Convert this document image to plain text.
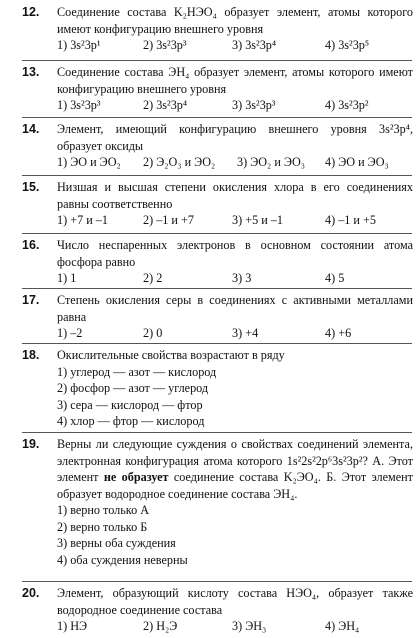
12. Соединение состава K₂HЭO₄ образует элемент, атомы которого имеют конфигурацию внешнего уровня
1) 3s²3p¹	2) 3s²3p³	3) 3s²3p⁴	4) 3s²3p⁵
13. Соединение состава ЭH₄ образует элемент, атомы которого имеют конфигурацию внешнего уровня
1) 3s²3p³	2) 3s²3p⁴	3) 3s²3p³	4) 3s²3p²
14. Элемент, имеющий конфигурацию внешнего уровня 3s²3p⁴, образует оксиды
1) ЭO и ЭO₂ 2) Э₂O₃ и ЭO₂ 3) ЭO₂ и ЭO₃ 4) ЭO и ЭO₃
15. Низшая и высшая степени окисления хлора в его соединениях равны соответственно
1) +7 и –1	2) –1 и +7	3) +5 и –1	4) –1 и +5
16. Число неспаренных электронов в основном состоянии атома фосфора равно
1) 1	2) 2	3) 3	4) 5
17. Степень окисления серы в соединениях с активными металлами равна
1) –2	2) 0	3) +4	4) +6
18. Окислительные свойства возрастают в ряду
1) углерод — азот — кислород
2) фосфор — азот — углерод
3) сера — кислород — фтор
4) хлор — фтор — кислород
19. Верны ли следующие суждения о свойствах соединений элемента, электронная конфигурация атома которого 1s²2s²2p⁶3s²3p²? А. Этот элемент не образует соединение состава K₂ЭO₄. Б. Этот элемент образует водородное соединение состава ЭH₄.
1) верно только А
2) верно только Б
3) верны оба суждения
4) оба суждения неверны
20. Элемент, образующий кислоту состава HЭO₄, образует также водородное соединение состава
1) HЭ	2) H₂Э	3) ЭH₃	4) ЭH₄
